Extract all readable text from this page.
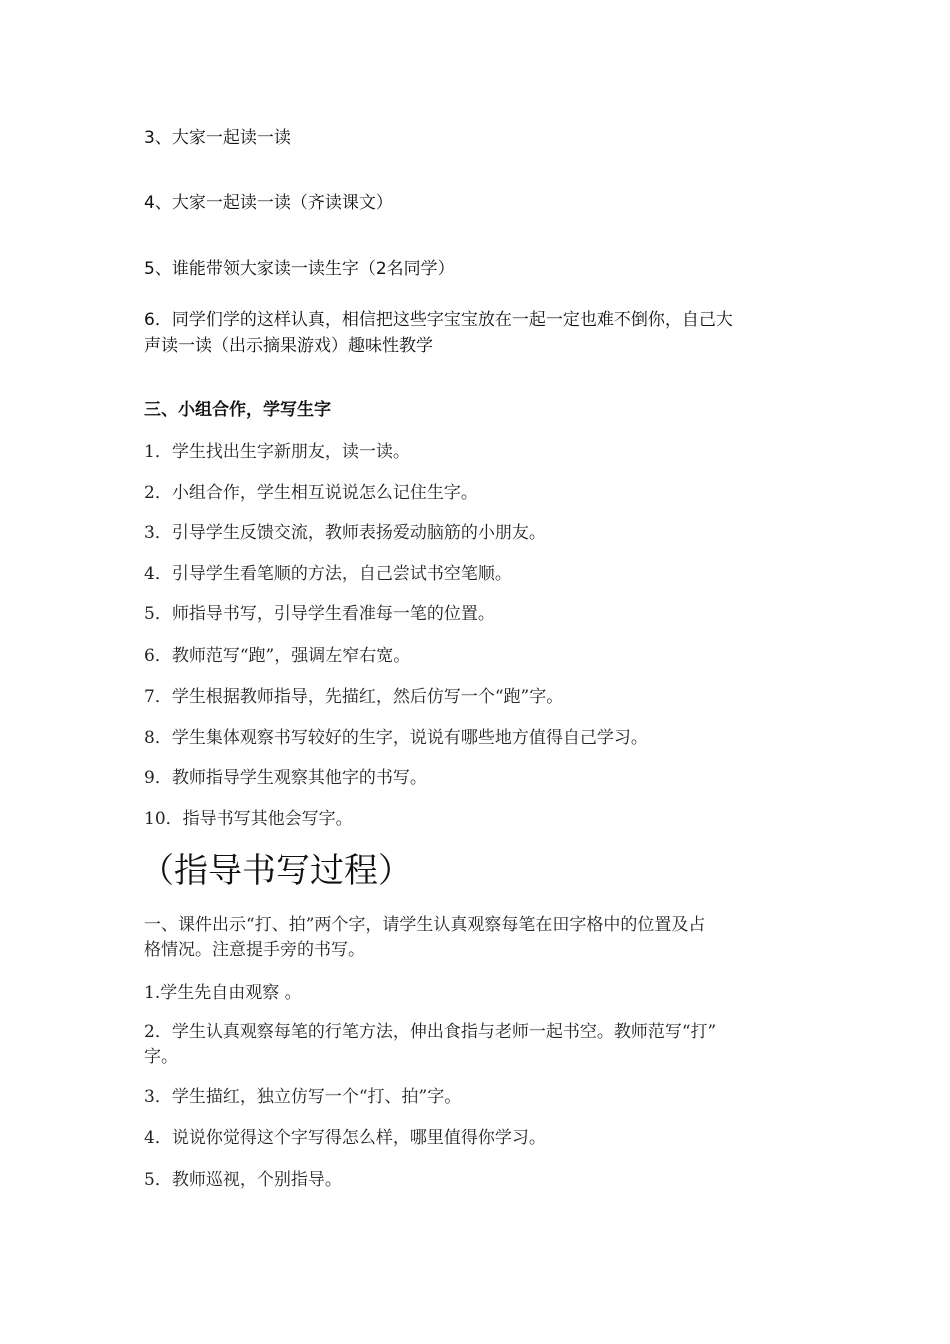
3、大家一起读一读
4、大家一起读一读（齐读课文）
5、谁能带领大家读一读生字（2名同学）
6．同学们学的这样认真，相信把这些字宝宝放在一起一定也难不倒你，自己大
声读一读（出示摘果游戏）趣味性教学
三、小组合作，学写生字
1．学生找出生字新朋友，读一读。
2．小组合作，学生相互说说怎么记住生字。
3．引导学生反馈交流，教师表扬爱动脑筋的小朋友。
4．引导学生看笔顺的方法，自己尝试书空笔顺。
5．师指导书写，引导学生看准每一笔的位置。
6．教师范写“跑”，强调左窄右宽。
7．学生根据教师指导，先描红，然后仿写一个“跑”字。
8．学生集体观察书写较好的生字，说说有哪些地方值得自己学习。
9．教师指导学生观察其他字的书写。
10．指导书写其他会写字。
（指导书写过程）
一、课件出示“打、拍”两个字，请学生认真观察每笔在田字格中的位置及占
格情况。注意提手旁的书写。
1.学生先自由观察 。
2．学生认真观察每笔的行笔方法，伸出食指与老师一起书空。教师范写“打”
字。
3．学生描红，独立仿写一个“打、拍”字。
4．说说你觉得这个字写得怎么样，哪里值得你学习。
5．教师巡视，个别指导。
